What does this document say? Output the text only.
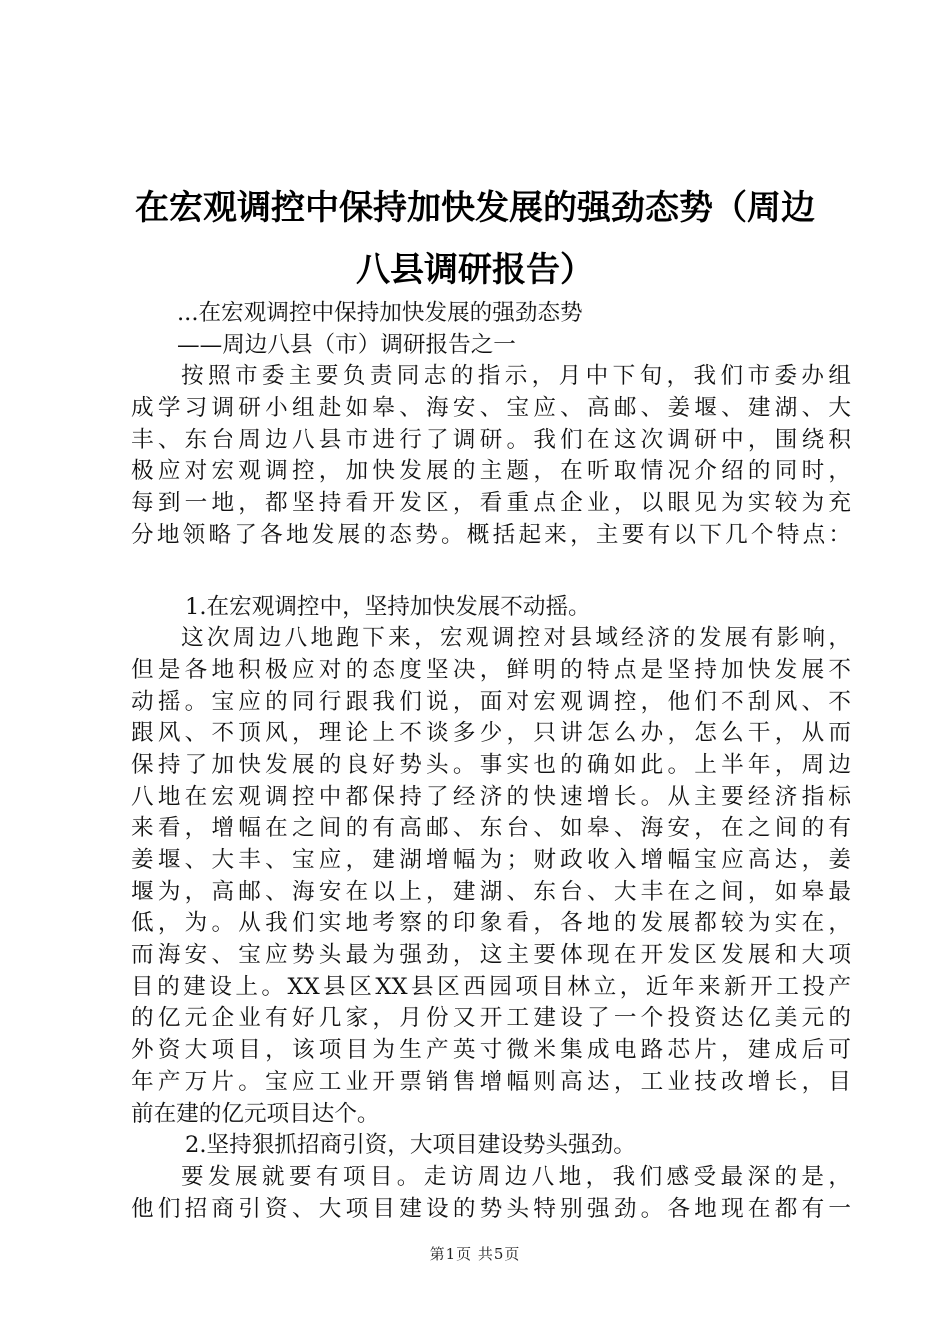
在宏观调控中保持加快发展的强劲态势（周边
八县调研报告）
...在宏观调控中保持加快发展的强劲态势
——周边八县（市）调研报告之一
按照市委主要负责同志的指示，月中下旬，我们市委办组
成学习调研小组赴如皋、海安、宝应、高邮、姜堰、建湖、大
丰、东台周边八县市进行了调研。我们在这次调研中，围绕积
极应对宏观调控，加快发展的主题，在听取情况介绍的同时，
每到一地，都坚持看开发区，看重点企业，以眼见为实较为充
分地领略了各地发展的态势。概括起来，主要有以下几个特点：
1.在宏观调控中，坚持加快发展不动摇。
这次周边八地跑下来，宏观调控对县域经济的发展有影响，
但是各地积极应对的态度坚决，鲜明的特点是坚持加快发展不
动摇。宝应的同行跟我们说，面对宏观调控，他们不刮风、不
跟风、不顶风，理论上不谈多少，只讲怎么办，怎么干，从而
保持了加快发展的良好势头。事实也的确如此。上半年，周边
八地在宏观调控中都保持了经济的快速增长。从主要经济指标
来看，增幅在之间的有高邮、东台、如皋、海安，在之间的有
姜堰、大丰、宝应，建湖增幅为；财政收入增幅宝应高达，姜
堰为，高邮、海安在以上，建湖、东台、大丰在之间，如皋最
低，为。从我们实地考察的印象看，各地的发展都较为实在，
而海安、宝应势头最为强劲，这主要体现在开发区发展和大项
目的建设上。XX县区XX县区西园项目林立，近年来新开工投产
的亿元企业有好几家，月份又开工建设了一个投资达亿美元的
外资大项目，该项目为生产英寸微米集成电路芯片，建成后可
年产万片。宝应工业开票销售增幅则高达，工业技改增长，目
前在建的亿元项目达个。
2.坚持狠抓招商引资，大项目建设势头强劲。
要发展就要有项目。走访周边八地，我们感受最深的是，
他们招商引资、大项目建设的势头特别强劲。各地现在都有一
第1页 共5页
